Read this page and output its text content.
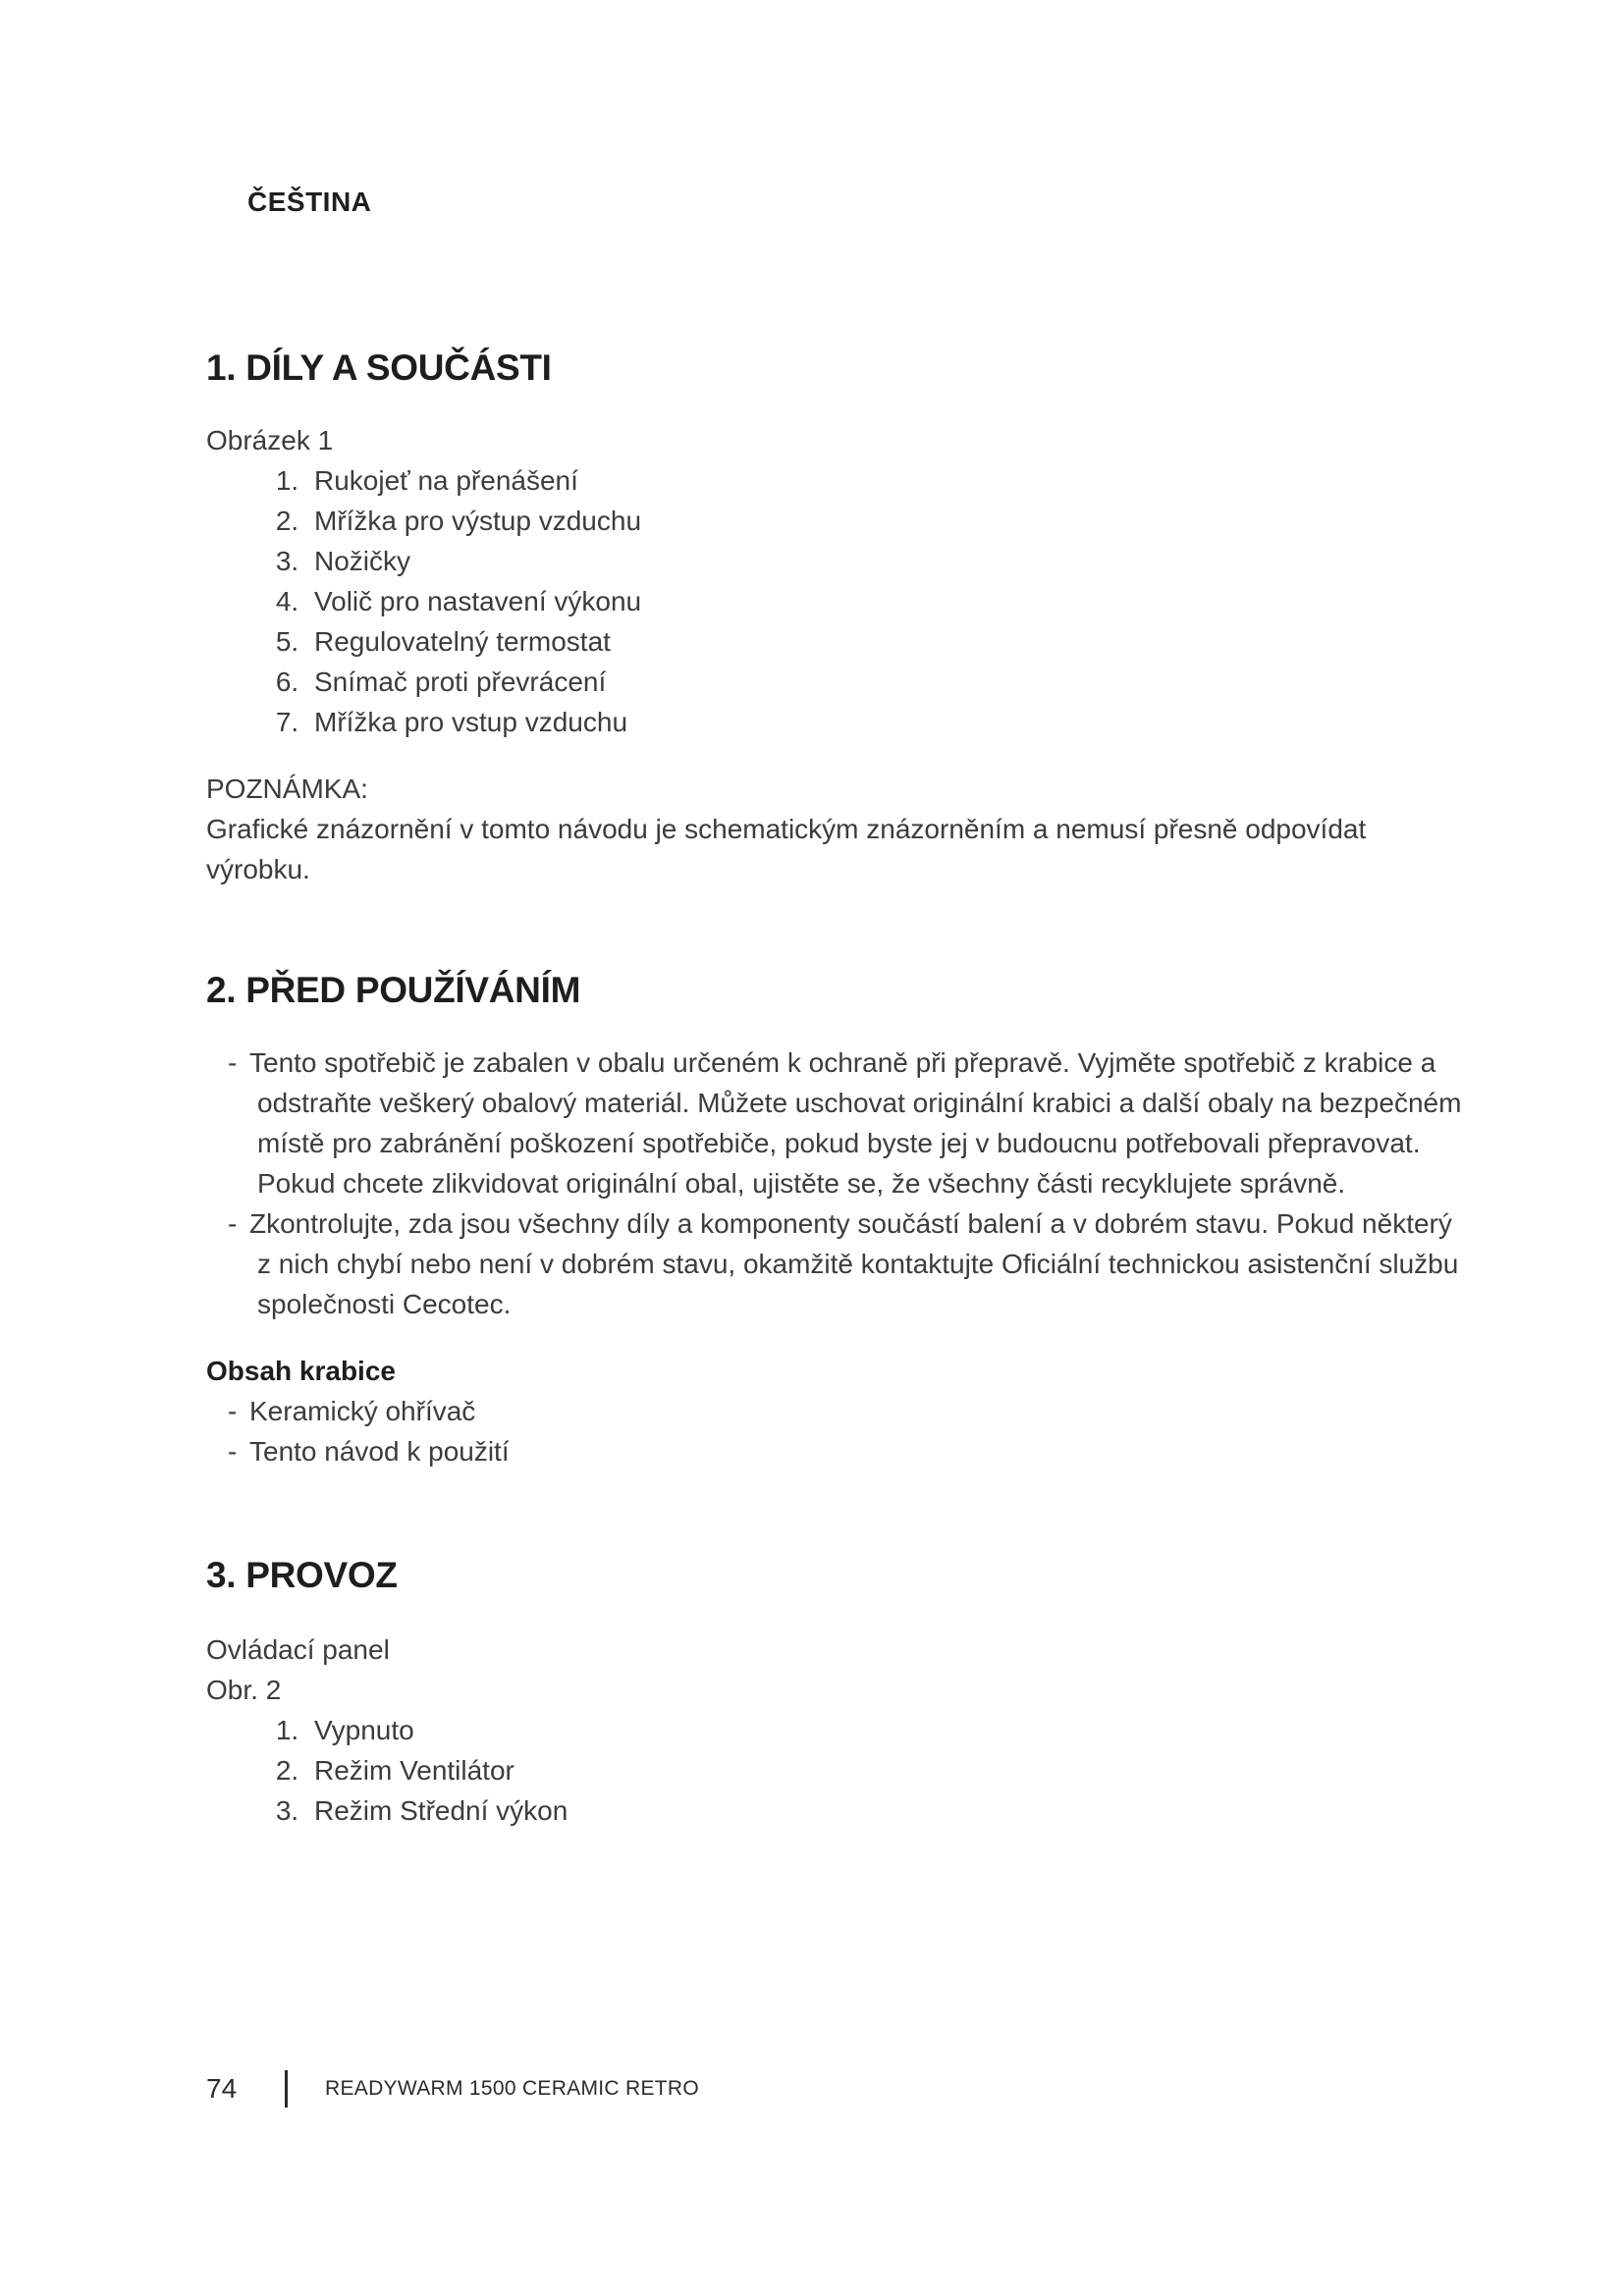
ČEŠTINA
1. DÍLY A SOUČÁSTI

Obrázek 1

1. Rukojeť na přenášení
2. Mřížka pro výstup vzduchu
3. Nožičky
4. Volič pro nastavení výkonu
5. Regulovatelný termostat
6. Snímač proti převrácení
7. Mřížka pro vstup vzduchu

POZNÁMKA:

Grafické znázornění v tomto návodu je schematickým znázorněním a nemusí přesně odpovídat výrobku.

2. PŘED POUŽÍVÁNÍM
- Tento spotřebič je zabalen v obalu určeném k ochraně při přepravě. Vyjměte spotřebič z krabice a odstraňte veškerý obalový materiál. Můžete uschovat originální krabici a další obaly na bezpečném místě pro zabránění poškození spotřebiče, pokud byste jej v budoucnu potřebovali přepravovat. Pokud chcete zlikvidovat originální obal, ujistěte se, že všechny části recyklujete správně.
- Zkontrolujte, zda jsou všechny díly a komponenty součástí balení a v dobrém stavu. Pokud některý z nich chybí nebo není v dobrém stavu, okamžitě kontaktujte Oficiální technickou asistenční službu společnosti Cecotec.

Obsah krabice

- Keramický ohřívač
- Tento návod k použití
3. PROVOZ

Ovládací panel

Obr. 2

1. Vypnuto
2. Režim Ventilátor
3. Režim Střední výkon
74	READYWARM 1500 CERAMIC RETRO
